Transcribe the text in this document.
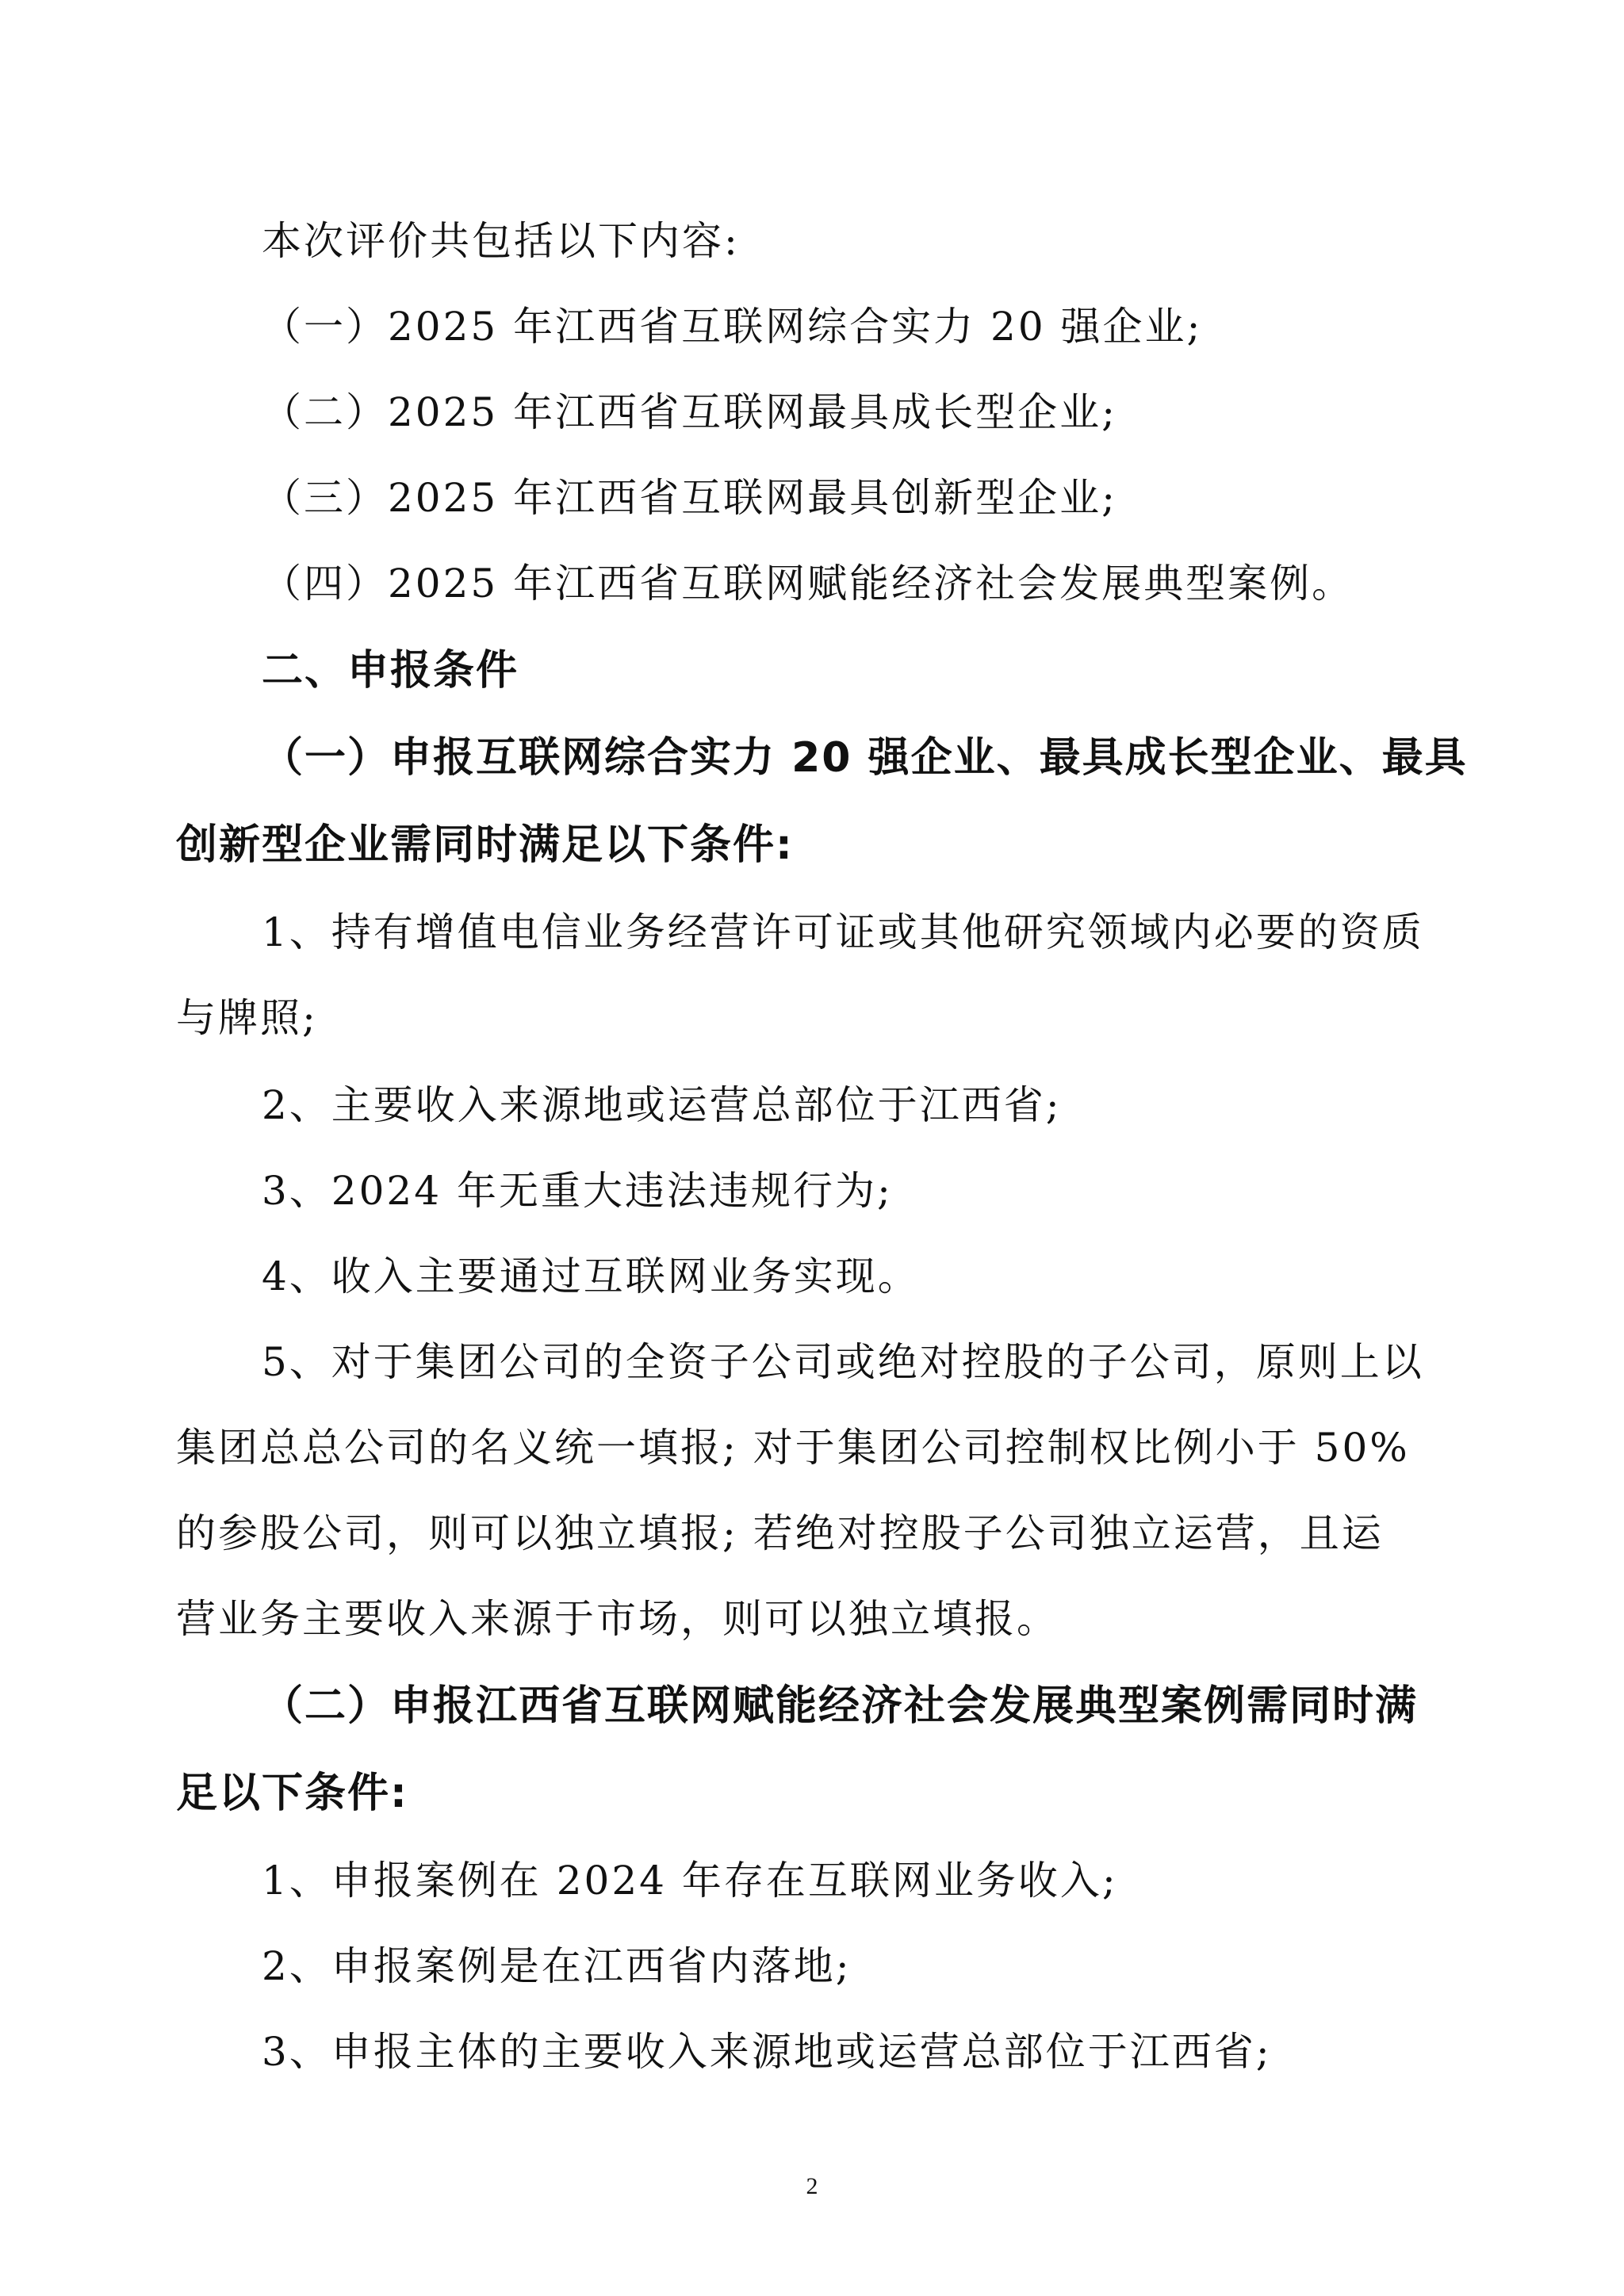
本次评价共包括以下内容:
（一）2025 年江西省互联网综合实力 20 强企业;
（二）2025 年江西省互联网最具成长型企业;
（三）2025 年江西省互联网最具创新型企业;
（四）2025 年江西省互联网赋能经济社会发展典型案例。
二、申报条件
（一）申报互联网综合实力 20 强企业、最具成长型企业、最具
创新型企业需同时满足以下条件:
1、持有增值电信业务经营许可证或其他研究领域内必要的资质
与牌照;
2、主要收入来源地或运营总部位于江西省;
3、2024 年无重大违法违规行为;
4、收入主要通过互联网业务实现。
5、对于集团公司的全资子公司或绝对控股的子公司，原则上以
集团总总公司的名义统一填报; 对于集团公司控制权比例小于 50%
的参股公司，则可以独立填报; 若绝对控股子公司独立运营，且运
营业务主要收入来源于市场，则可以独立填报。
（二）申报江西省互联网赋能经济社会发展典型案例需同时满
足以下条件:
1、申报案例在 2024 年存在互联网业务收入;
2、申报案例是在江西省内落地;
3、申报主体的主要收入来源地或运营总部位于江西省;
2
